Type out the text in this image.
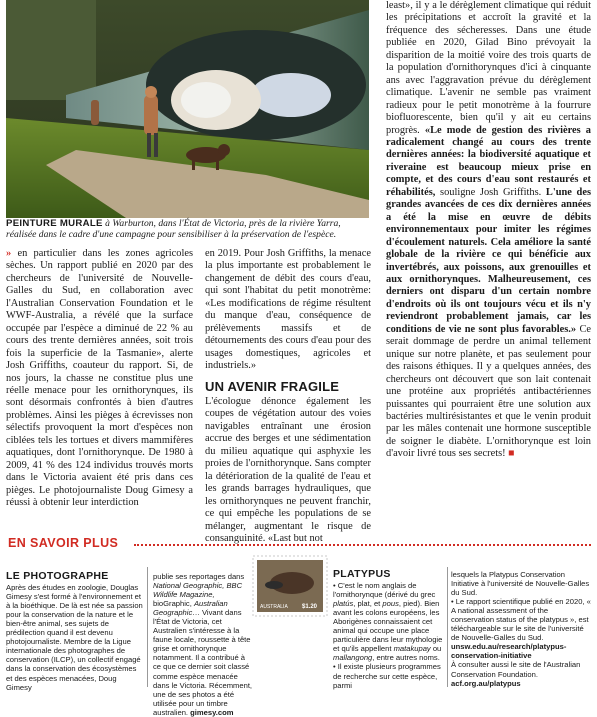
PEINTURE MURALE à Warburton, dans l'État de Victoria, près de la rivière Yarra, réalisée dans le cadre d'une campagne pour sensibiliser à la préservation de l'espèce.

» en particulier dans les zones agricoles sèches. Un rapport publié en 2020 par des chercheurs de l'université de Nouvelle-Galles du Sud, en collaboration avec l'Australian Conservation Foundation et le WWF-Australia, a révélé que la surface occupée par l'espèce a diminué de 22 % au cours des trente dernières années, soit trois fois la superficie de la Tasmanie», alerte Josh Griffiths, coauteur du rapport. Si, de nos jours, la chasse ne constitue plus une réelle menace pour les ornithorynques, ils sont désormais confrontés à bien d'autres problèmes. Ainsi les pièges à écrevisses non sélectifs provoquent la mort d'espèces non ciblées tels les tortues et divers mammifères aquatiques, dont l'ornithorynque. De 1980 à 2009, 41 % des 124 individus trouvés morts dans le Victoria avaient été pris dans ces pièges. Le photojournaliste Doug Gimesy a réussi à obtenir leur interdiction

en 2019. Pour Josh Griffiths, la menace la plus importante est probablement le changement de débit des cours d'eau, qui sont l'habitat du petit monotrème: «Les modifications de régime résultent du manque d'eau, conséquence de prélèvements massifs et de détournements des cours d'eau pour des usages domestiques, agricoles et industriels.»

UN AVENIR FRAGILE

L'écologue dénonce également les coupes de végétation autour des voies navigables entraînant une érosion accrue des berges et une sédimentation du milieu aquatique qui asphyxie les proies de l'ornithorynque. Sans compter la détérioration de la qualité de l'eau et les grands barrages hydrauliques, que les ornithorynques ne peuvent franchir, ce qui empêche les populations de se mélanger, augmentant le risque de consanguinité. «Last but not

least», il y a le dérèglement climatique qui réduit les précipitations et accroît la gravité et la fréquence des sécheresses. Dans une étude publiée en 2020, Gilad Bino prévoyait la disparition de la moitié voire des trois quarts de la population d'ornithorynques d'ici à cinquante ans avec l'aggravation prévue du dérèglement climatique. L'avenir ne semble pas vraiment radieux pour le petit monotrème à la fourrure biofluorescente, bien qu'il y ait eu certains progrès. «Le mode de gestion des rivières a radicalement changé au cours des trente dernières années: la biodiversité aquatique et riveraine est beaucoup mieux prise en compte, et des cours d'eau sont restaurés et réhabilités, souligne Josh Griffiths. L'une des grandes avancées de ces dix dernières années a été la mise en œuvre de débits environnementaux pour imiter les régimes d'écoulement naturels. Cela améliore la santé globale de la rivière ce qui bénéficie aux invertébrés, aux poissons, aux grenouilles et aux ornithorynques. Malheureusement, ces derniers ont disparu d'un certain nombre d'endroits où ils ont toujours vécu et ils n'y reviendront probablement jamais, car les conditions de vie ne sont plus favorables.» Ce serait dommage de perdre un animal tellement unique sur notre planète, et pas seulement pour des raisons éthiques. Il y a quelques années, des chercheurs ont découvert que son lait contenait une protéine aux propriétés antibactériennes puissantes qui pourraient être une solution aux bactéries multirésistantes et que le venin produit par les mâles contenait une hormone susceptible de soigner le diabète. L'ornithorynque est loin d'avoir livré tous ses secrets! ■

EN SAVOIR PLUS
LE PHOTOGRAPHE
Après des études en zoologie, Douglas Gimesy s'est formé à l'environnement et à la bioéthique. De là est née sa passion pour la conservation de la nature et le bien-être animal, ses sujets de prédilection quand il est devenu photojournaliste. Membre de la Ligue internationale des photographes de conservation (ILCP), un collectif engagé dans la conservation des écosystèmes et des espèces menacées, Doug Gimesy
publie ses reportages dans National Geographic, BBC Wildlife Magazine, bioGraphic, Australian Geographic… Vivant dans l'État de Victoria, cet Australien s'intéresse à la faune locale, roussette à tête grise et ornithorynque notamment. Il a contribué à ce que ce dernier soit classé comme espèce menacée dans le Victoria. Récemment, une de ses photos a été utilisée pour un timbre australien. gimesy.com
AUSTRALIA $1.20
PLATYPUS
• C'est le nom anglais de l'ornithorynque (dérivé du grec platús, plat, et pous, pied). Bien avant les colons européens, les Aborigènes connaissaient cet animal qui occupe une place particulière dans leur mythologie et qu'ils appellent matakupay ou mallangong, entre autres noms.
• Il existe plusieurs programmes de recherche sur cette espèce, parmi
lesquels la Platypus Conservation Initiative à l'université de Nouvelle-Galles du Sud.
• Le rapport scientifique publié en 2020, « A national assessment of the conservation status of the platypus », est téléchargeable sur le site de l'université de Nouvelle-Galles du Sud.
unsw.edu.au/research/platypus-conservation-initiative
À consulter aussi le site de l'Australian Conservation Foundation.
acf.org.au/platypus
